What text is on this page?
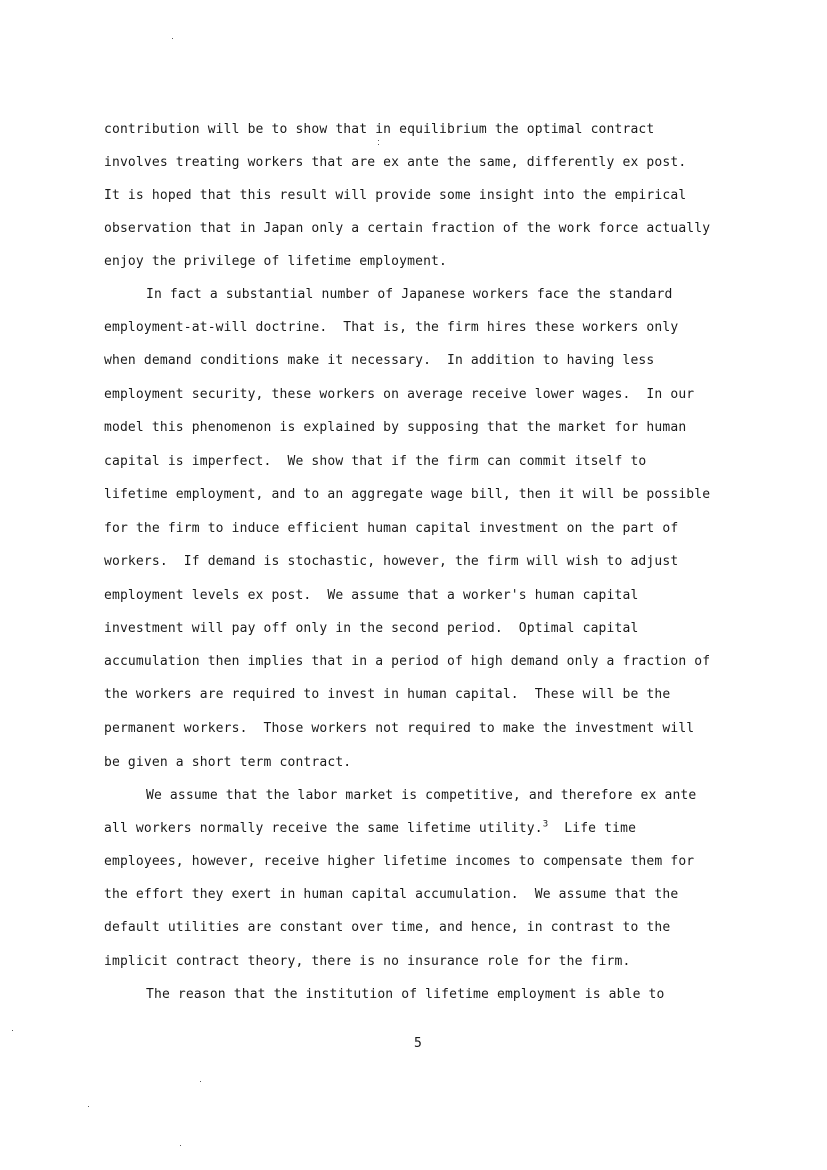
contribution will be to show that in equilibrium the optimal contract
involves treating workers that are ex ante the same, differently ex post.
It is hoped that this result will provide some insight into the empirical
observation that in Japan only a certain fraction of the work force actually
enjoy the privilege of lifetime employment.
In fact a substantial number of Japanese workers face the standard
employment-at-will doctrine.  That is, the firm hires these workers only
when demand conditions make it necessary.  In addition to having less
employment security, these workers on average receive lower wages.  In our
model this phenomenon is explained by supposing that the market for human
capital is imperfect.  We show that if the firm can commit itself to
lifetime employment, and to an aggregate wage bill, then it will be possible
for the firm to induce efficient human capital investment on the part of
workers.  If demand is stochastic, however, the firm will wish to adjust
employment levels ex post.  We assume that a worker's human capital
investment will pay off only in the second period.  Optimal capital
accumulation then implies that in a period of high demand only a fraction of
the workers are required to invest in human capital.  These will be the
permanent workers.  Those workers not required to make the investment will
be given a short term contract.
We assume that the labor market is competitive, and therefore ex ante
all workers normally receive the same lifetime utility.$^3$  Life time
employees, however, receive higher lifetime incomes to compensate them for
the effort they exert in human capital accumulation.  We assume that the
default utilities are constant over time, and hence, in contrast to the
implicit contract theory, there is no insurance role for the firm.
The reason that the institution of lifetime employment is able to
5
